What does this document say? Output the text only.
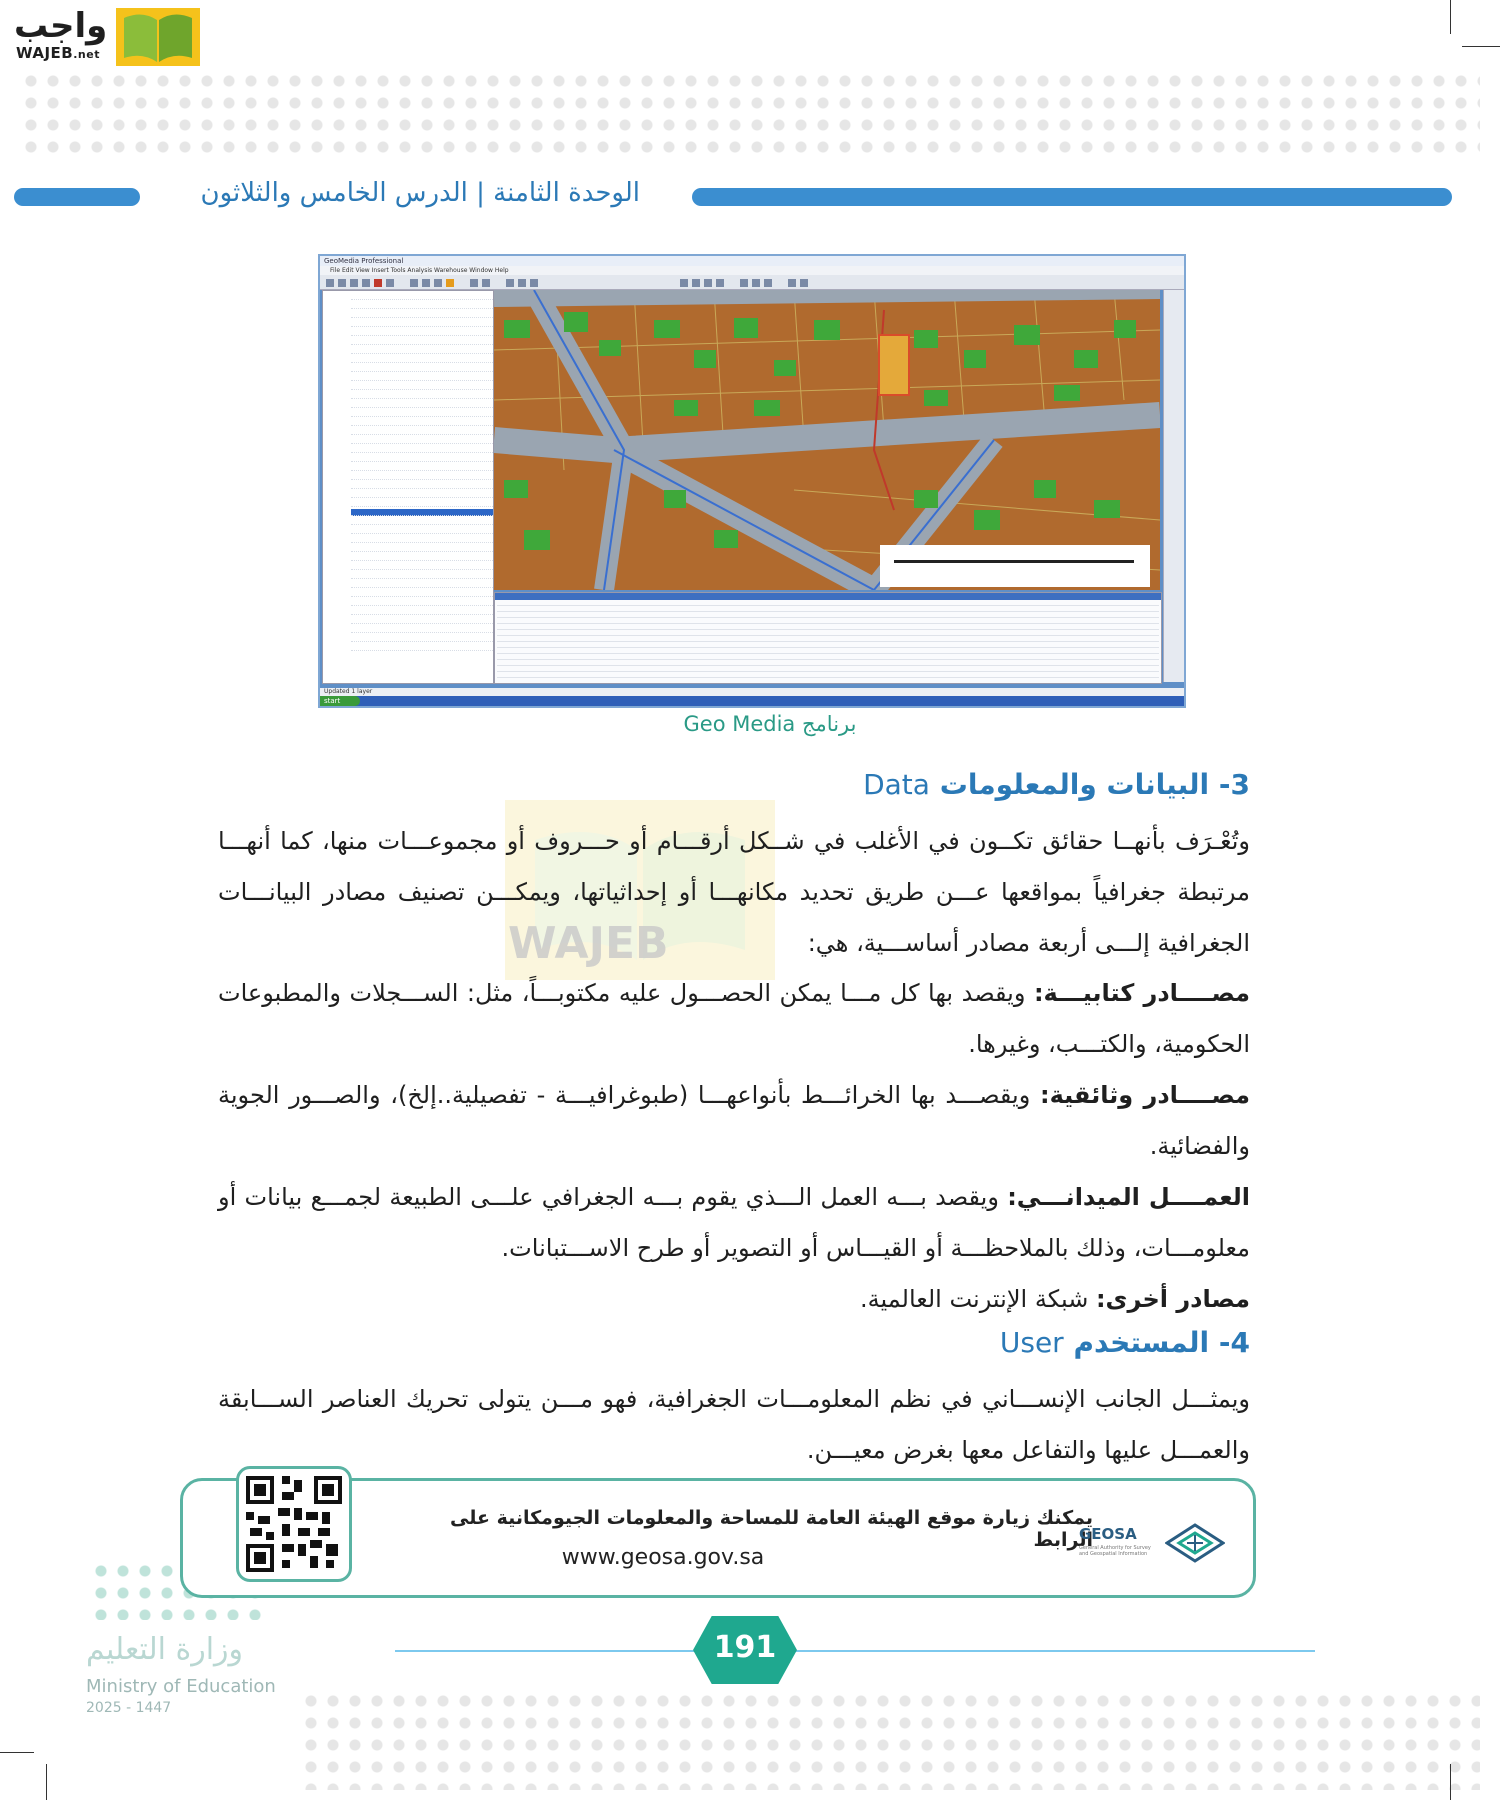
واجب
WAJEB.net
الوحدة الثامنة | الدرس الخامس والثلاثون
GeoMedia Professional
File Edit View Insert Tools Analysis Warehouse Window Help
Updated 1 layer
start
برنامج Geo Media
WAJEB
3- البيانات والمعلومات Data
وتُعْـرَف بأنهــا حقائق تكــون في الأغلب في شــكل أرقـــام أو حـــروف أو مجموعـــات منها، كما أنهـــا مرتبطة جغرافياً بمواقعها عـــن طريق تحديد مكانهـــا أو إحداثياتها، ويمكـــن تصنيف مصادر البيانـــات الجغرافية إلـــى أربعة مصادر أساســـية، هي:
مصــــادر كتابيـــة: ويقصد بها كل مـــا يمكن الحصـــول عليه مكتوبـــاً، مثل: الســـجلات والمطبوعات الحكومية، والكتـــب، وغيرها.
مصــــادر وثائقية: ويقصـــد بها الخرائـــط بأنواعهـــا (طبوغرافيـــة - تفصيلية..إلخ)، والصـــور الجوية والفضائية.
العمــــل الميدانـــي: ويقصد بـــه العمل الـــذي يقوم بـــه الجغرافي علـــى الطبيعة لجمـــع بيانات أو معلومـــات، وذلك بالملاحظـــة أو القيـــاس أو التصوير أو طرح الاســـتبانات.
مصادر أخرى: شبكة الإنترنت العالمية.
4- المستخدم User
ويمثـــل الجانب الإنســـاني في نظم المعلومـــات الجغرافية، فهو مـــن يتولى تحريك العناصر الســـابقة والعمـــل عليها والتفاعل معها بغرض معيـــن.
يمكنك زيارة موقع الهيئة العامة للمساحة والمعلومات الجيومكانية على الرابط
www.geosa.gov.sa
GEOSA
General Authority for Survey and Geospatial Information
191
وزارة التعليم
Ministry of Education
2025 - 1447
